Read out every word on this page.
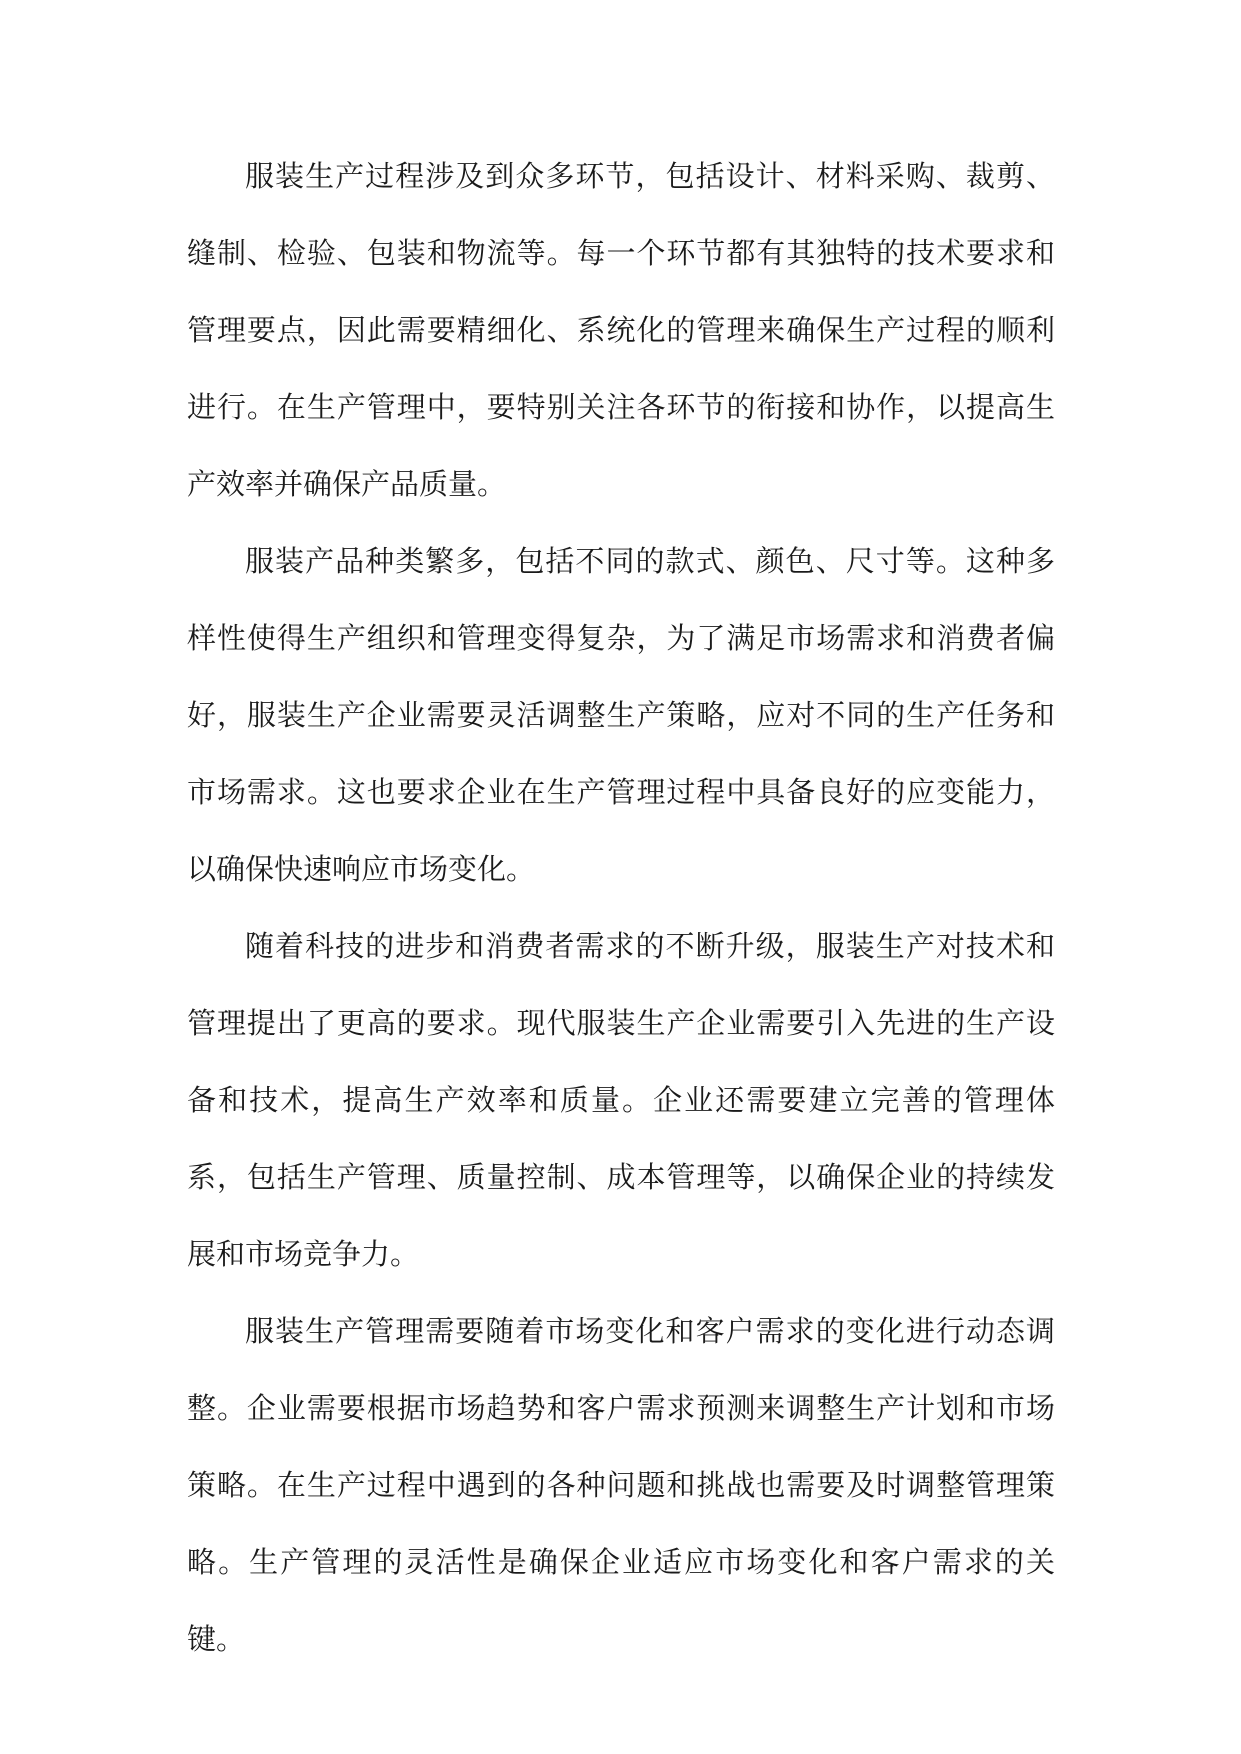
服装生产过程涉及到众多环节，包括设计、材料采购、裁剪、缝制、检验、包装和物流等。每一个环节都有其独特的技术要求和管理要点，因此需要精细化、系统化的管理来确保生产过程的顺利进行。在生产管理中，要特别关注各环节的衔接和协作，以提高生产效率并确保产品质量。

服装产品种类繁多，包括不同的款式、颜色、尺寸等。这种多样性使得生产组织和管理变得复杂，为了满足市场需求和消费者偏好，服装生产企业需要灵活调整生产策略，应对不同的生产任务和市场需求。这也要求企业在生产管理过程中具备良好的应变能力，以确保快速响应市场变化。

随着科技的进步和消费者需求的不断升级，服装生产对技术和管理提出了更高的要求。现代服装生产企业需要引入先进的生产设备和技术，提高生产效率和质量。企业还需要建立完善的管理体系，包括生产管理、质量控制、成本管理等，以确保企业的持续发展和市场竞争力。

服装生产管理需要随着市场变化和客户需求的变化进行动态调整。企业需要根据市场趋势和客户需求预测来调整生产计划和市场策略。在生产过程中遇到的各种问题和挑战也需要及时调整管理策略。生产管理的灵活性是确保企业适应市场变化和客户需求的关键。
